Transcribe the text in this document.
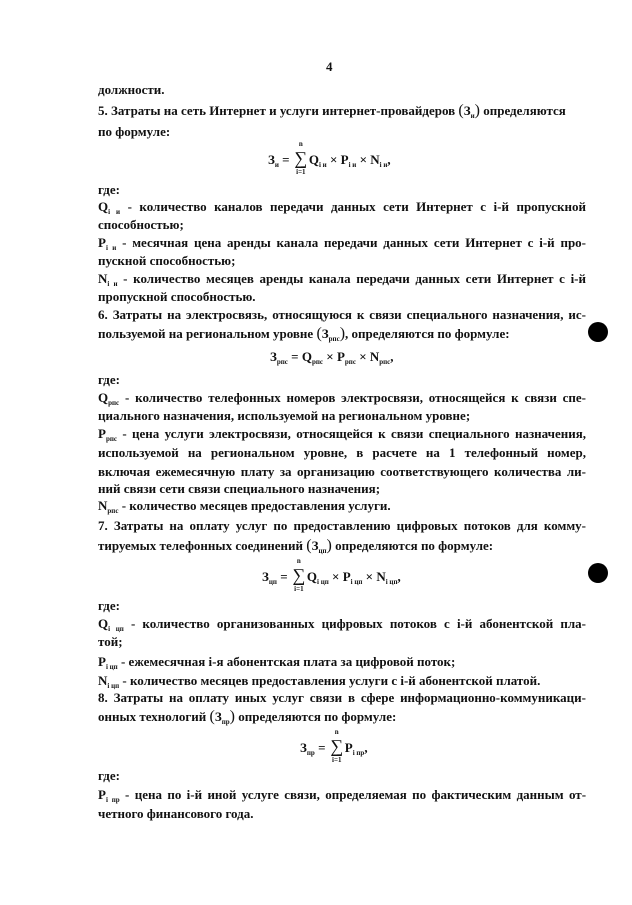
4
должности.
5. Затраты на сеть Интернет и услуги интернет-провайдеров $(З_и)$ определяются
по формуле:
$З_и$ =
n
∑
i=1
$Q_{i и} \times P_{i и} \times N_{i и}$,
где:
$Q_{i и}$ - количество каналов передачи данных сети Интернет с i-й пропускной
способностью;
$P_{i и}$ - месячная цена аренды канала передачи данных сети Интернет с i-й про-
пускной способностью;
$N_{i и}$ - количество месяцев аренды канала передачи данных сети Интернет с i-й
пропускной способностью.
6. Затраты на электросвязь, относящуюся к связи специального назначения, ис-
пользуемой на региональном уровне $(З_{рпс})$, определяются по формуле:
$З_{рпс} = Q_{рпс} \times P_{рпс} \times N_{рпс}$,
где:
$Q_{рпс}$ - количество телефонных номеров электросвязи, относящейся к связи спе-
циального назначения, используемой на региональном уровне;
$P_{рпс}$ - цена услуги электросвязи, относящейся к связи специального назначения,
используемой на региональном уровне, в расчете на 1 телефонный номер,
включая ежемесячную плату за организацию соответствующего количества ли-
ний связи сети связи специального назначения;
$N_{рпс}$ - количество месяцев предоставления услуги.
7. Затраты на оплату услуг по предоставлению цифровых потоков для комму-
тируемых телефонных соединений $(З_{цп})$ определяются по формуле:
$З_{цп}$ =
n
∑
i=1
$Q_{i цп} \times P_{i цп} \times N_{i цп}$,
где:
$Q_{i цп}$ - количество организованных цифровых потоков с i-й абонентской пла-
той;
$P_{i цп}$ - ежемесячная i-я абонентская плата за цифровой поток;
$N_{i цп}$ - количество месяцев предоставления услуги с i-й абонентской платой.
8. Затраты на оплату иных услуг связи в сфере информационно-коммуникаци-
онных технологий $(З_{пр})$ определяются по формуле:
$З_{пр}$ =
n
∑
i=1
$P_{i пр}$,
где:
$P_{i пр}$ - цена по i-й иной услуге связи, определяемая по фактическим данным от-
четного финансового года.
